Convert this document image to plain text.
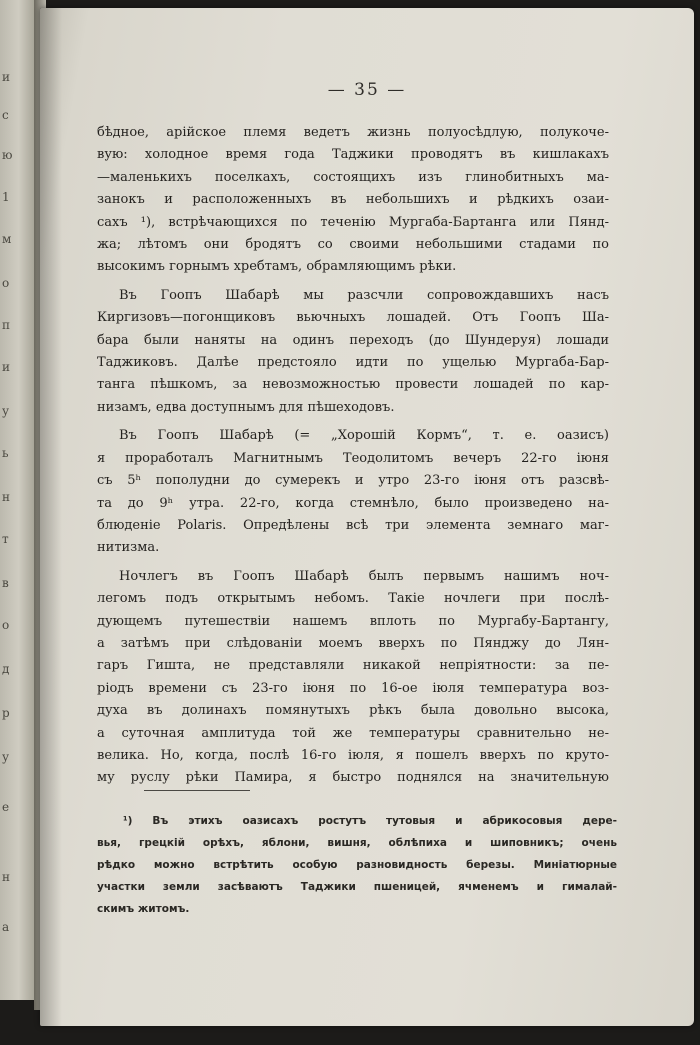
и
с
ю
1
м
о
п
и
у
ь
н
т
в
о
д
р
у
е
н
а
— 35 —

бѣдное, арійское племя ведетъ жизнь полуосѣдлую, полукоче-

вую: холодное время года Таджики проводятъ въ кишлакахъ

—маленькихъ поселкахъ, состоящихъ изъ глинобитныхъ ма-

занокъ и расположенныхъ въ небольшихъ и рѣдкихъ озаи-

сахъ ¹), встрѣчающихся по теченію Мургаба-Бартанга или Пянд-

жа; лѣтомъ они бродятъ со своими небольшими стадами по

высокимъ горнымъ хребтамъ, обрамляющимъ рѣки.

Въ Гоопъ Шабарѣ мы разсчли сопровождавшихъ насъ

Киргизовъ—погонщиковъ вьючныхъ лошадей. Отъ Гоопъ Ша-

бара были наняты на одинъ переходъ (до Шундеруя) лошади

Таджиковъ. Далѣе предстояло идти по ущелью Мургаба-Бар-

танга пѣшкомъ, за невозможностью провести лошадей по кар-

низамъ, едва доступнымъ для пѣшеходовъ.

Въ Гоопъ Шабарѣ (= „Хорошій Кормъ“, т. е. оазисъ)

я проработалъ Магнитнымъ Теодолитомъ вечеръ 22-го іюня

съ 5ʰ пополудни до сумерекъ и утро 23-го іюня отъ разсвѣ-

та до 9ʰ утра. 22-го, когда стемнѣло, было произведено на-

блюденіе Polaris. Опредѣлены всѣ три элемента земнаго маг-

нитизма.

Ночлегъ въ Гоопъ Шабарѣ былъ первымъ нашимъ ноч-

легомъ подъ открытымъ небомъ. Такіе ночлеги при послѣ-

дующемъ путешествіи нашемъ вплоть по Мургабу-Бартангу,

а затѣмъ при слѣдованіи моемъ вверхъ по Пянджу до Лян-

гаръ Гишта, не представляли никакой непріятности: за пе-

ріодъ времени съ 23-го іюня по 16-ое іюля температура воз-

духа въ долинахъ помянутыхъ рѣкъ была довольно высока,

а суточная амплитуда той же температуры сравнительно не-

велика. Но, когда, послѣ 16-го іюля, я пошелъ вверхъ по круто-

му руслу рѣки Памира, я быстро поднялся на значительную

¹) Въ этихъ оазисахъ ростутъ тутовыя и абрикосовыя дере-

вья, грецкій орѣхъ, яблони, вишня, облѣпиха и шиповникъ; очень

рѣдко можно встрѣтить особую разновидность березы. Миніатюрные

участки земли засѣваютъ Таджики пшеницей, ячменемъ и гималай-

скимъ житомъ.
